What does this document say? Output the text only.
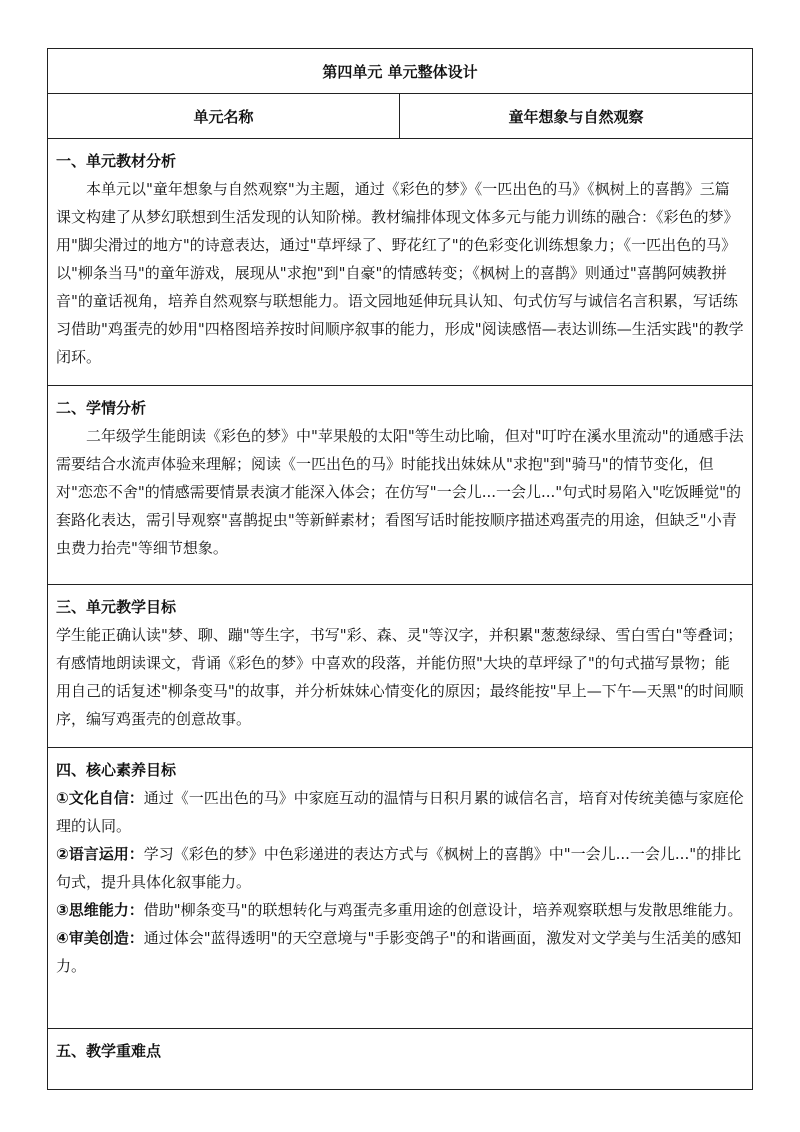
第四单元 单元整体设计
单元名称	童年想象与自然观察

一、单元教材分析
本单元以"童年想象与自然观察"为主题，通过《彩色的梦》《一匹出色的马》《枫树上的喜鹊》三篇课文构建了从梦幻联想到生活发现的认知阶梯。教材编排体现文体多元与能力训练的融合：《彩色的梦》用"脚尖滑过的地方"的诗意表达，通过"草坪绿了、野花红了"的色彩变化训练想象力；《一匹出色的马》以"柳条当马"的童年游戏，展现从"求抱"到"自豪"的情感转变；《枫树上的喜鹊》则通过"喜鹊阿姨教拼音"的童话视角，培养自然观察与联想能力。语文园地延伸玩具认知、句式仿写与诚信名言积累，写话练习借助"鸡蛋壳的妙用"四格图培养按时间顺序叙事的能力，形成"阅读感悟—表达训练—生活实践"的教学闭环。

二、学情分析
二年级学生能朗读《彩色的梦》中"苹果般的太阳"等生动比喻，但对"叮咛在溪水里流动"的通感手法需要结合水流声体验来理解；阅读《一匹出色的马》时能找出妹妹从"求抱"到"骑马"的情节变化，但对"恋恋不舍"的情感需要情景表演才能深入体会；在仿写"一会儿...一会儿..."句式时易陷入"吃饭睡觉"的套路化表达，需引导观察"喜鹊捉虫"等新鲜素材；看图写话时能按顺序描述鸡蛋壳的用途，但缺乏"小青虫费力抬壳"等细节想象。

三、单元教学目标
学生能正确认读"梦、聊、蹦"等生字，书写"彩、森、灵"等汉字，并积累"葱葱绿绿、雪白雪白"等叠词；有感情地朗读课文，背诵《彩色的梦》中喜欢的段落，并能仿照"大块的草坪绿了"的句式描写景物；能用自己的话复述"柳条变马"的故事，并分析妹妹心情变化的原因；最终能按"早上—下午—天黑"的时间顺序，编写鸡蛋壳的创意故事。

四、核心素养目标

①文化自信：通过《一匹出色的马》中家庭互动的温情与日积月累的诚信名言，培育对传统美德与家庭伦理的认同。

②语言运用：学习《彩色的梦》中色彩递进的表达方式与《枫树上的喜鹊》中"一会儿...一会儿..."的排比句式，提升具体化叙事能力。

③思维能力：借助"柳条变马"的联想转化与鸡蛋壳多重用途的创意设计，培养观察联想与发散思维能力。

④审美创造：通过体会"蓝得透明"的天空意境与"手影变鸽子"的和谐画面，激发对文学美与生活美的感知力。

五、教学重难点
